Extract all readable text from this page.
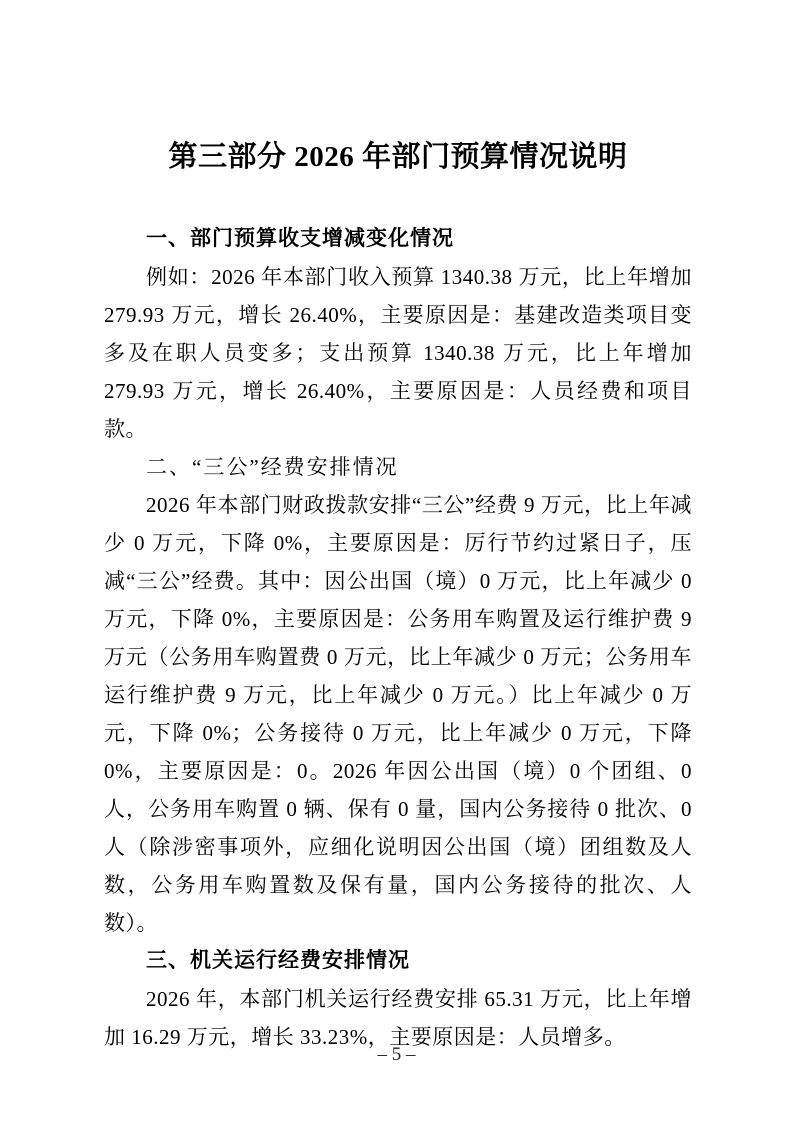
第三部分 2026 年部门预算情况说明
一、部门预算收支增减变化情况

例如：2026 年本部门收入预算 1340.38 万元，比上年增加 279.93 万元，增长 26.40%，主要原因是：基建改造类项目变多及在职人员变多；支出预算 1340.38 万元，比上年增加 279.93 万元，增长 26.40%，主要原因是：人员经费和项目款。

二、“三公”经费安排情况

2026 年本部门财政拨款安排“三公”经费 9 万元，比上年减少 0 万元，下降 0%，主要原因是：厉行节约过紧日子，压减“三公”经费。其中：因公出国（境）0 万元，比上年减少 0 万元，下降 0%，主要原因是：公务用车购置及运行维护费 9 万元（公务用车购置费 0 万元，比上年减少 0 万元；公务用车运行维护费 9 万元，比上年减少 0 万元。）比上年减少 0 万元，下降 0%；公务接待 0 万元，比上年减少 0 万元，下降 0%，主要原因是：0。2026 年因公出国（境）0 个团组、0 人，公务用车购置 0 辆、保有 0 量，国内公务接待 0 批次、0 人（除涉密事项外，应细化说明因公出国（境）团组数及人数，公务用车购置数及保有量，国内公务接待的批次、人数）。

三、机关运行经费安排情况

2026 年，本部门机关运行经费安排 65.31 万元，比上年增加 16.29 万元，增长 33.23%，主要原因是：人员增多。

– 5 –
